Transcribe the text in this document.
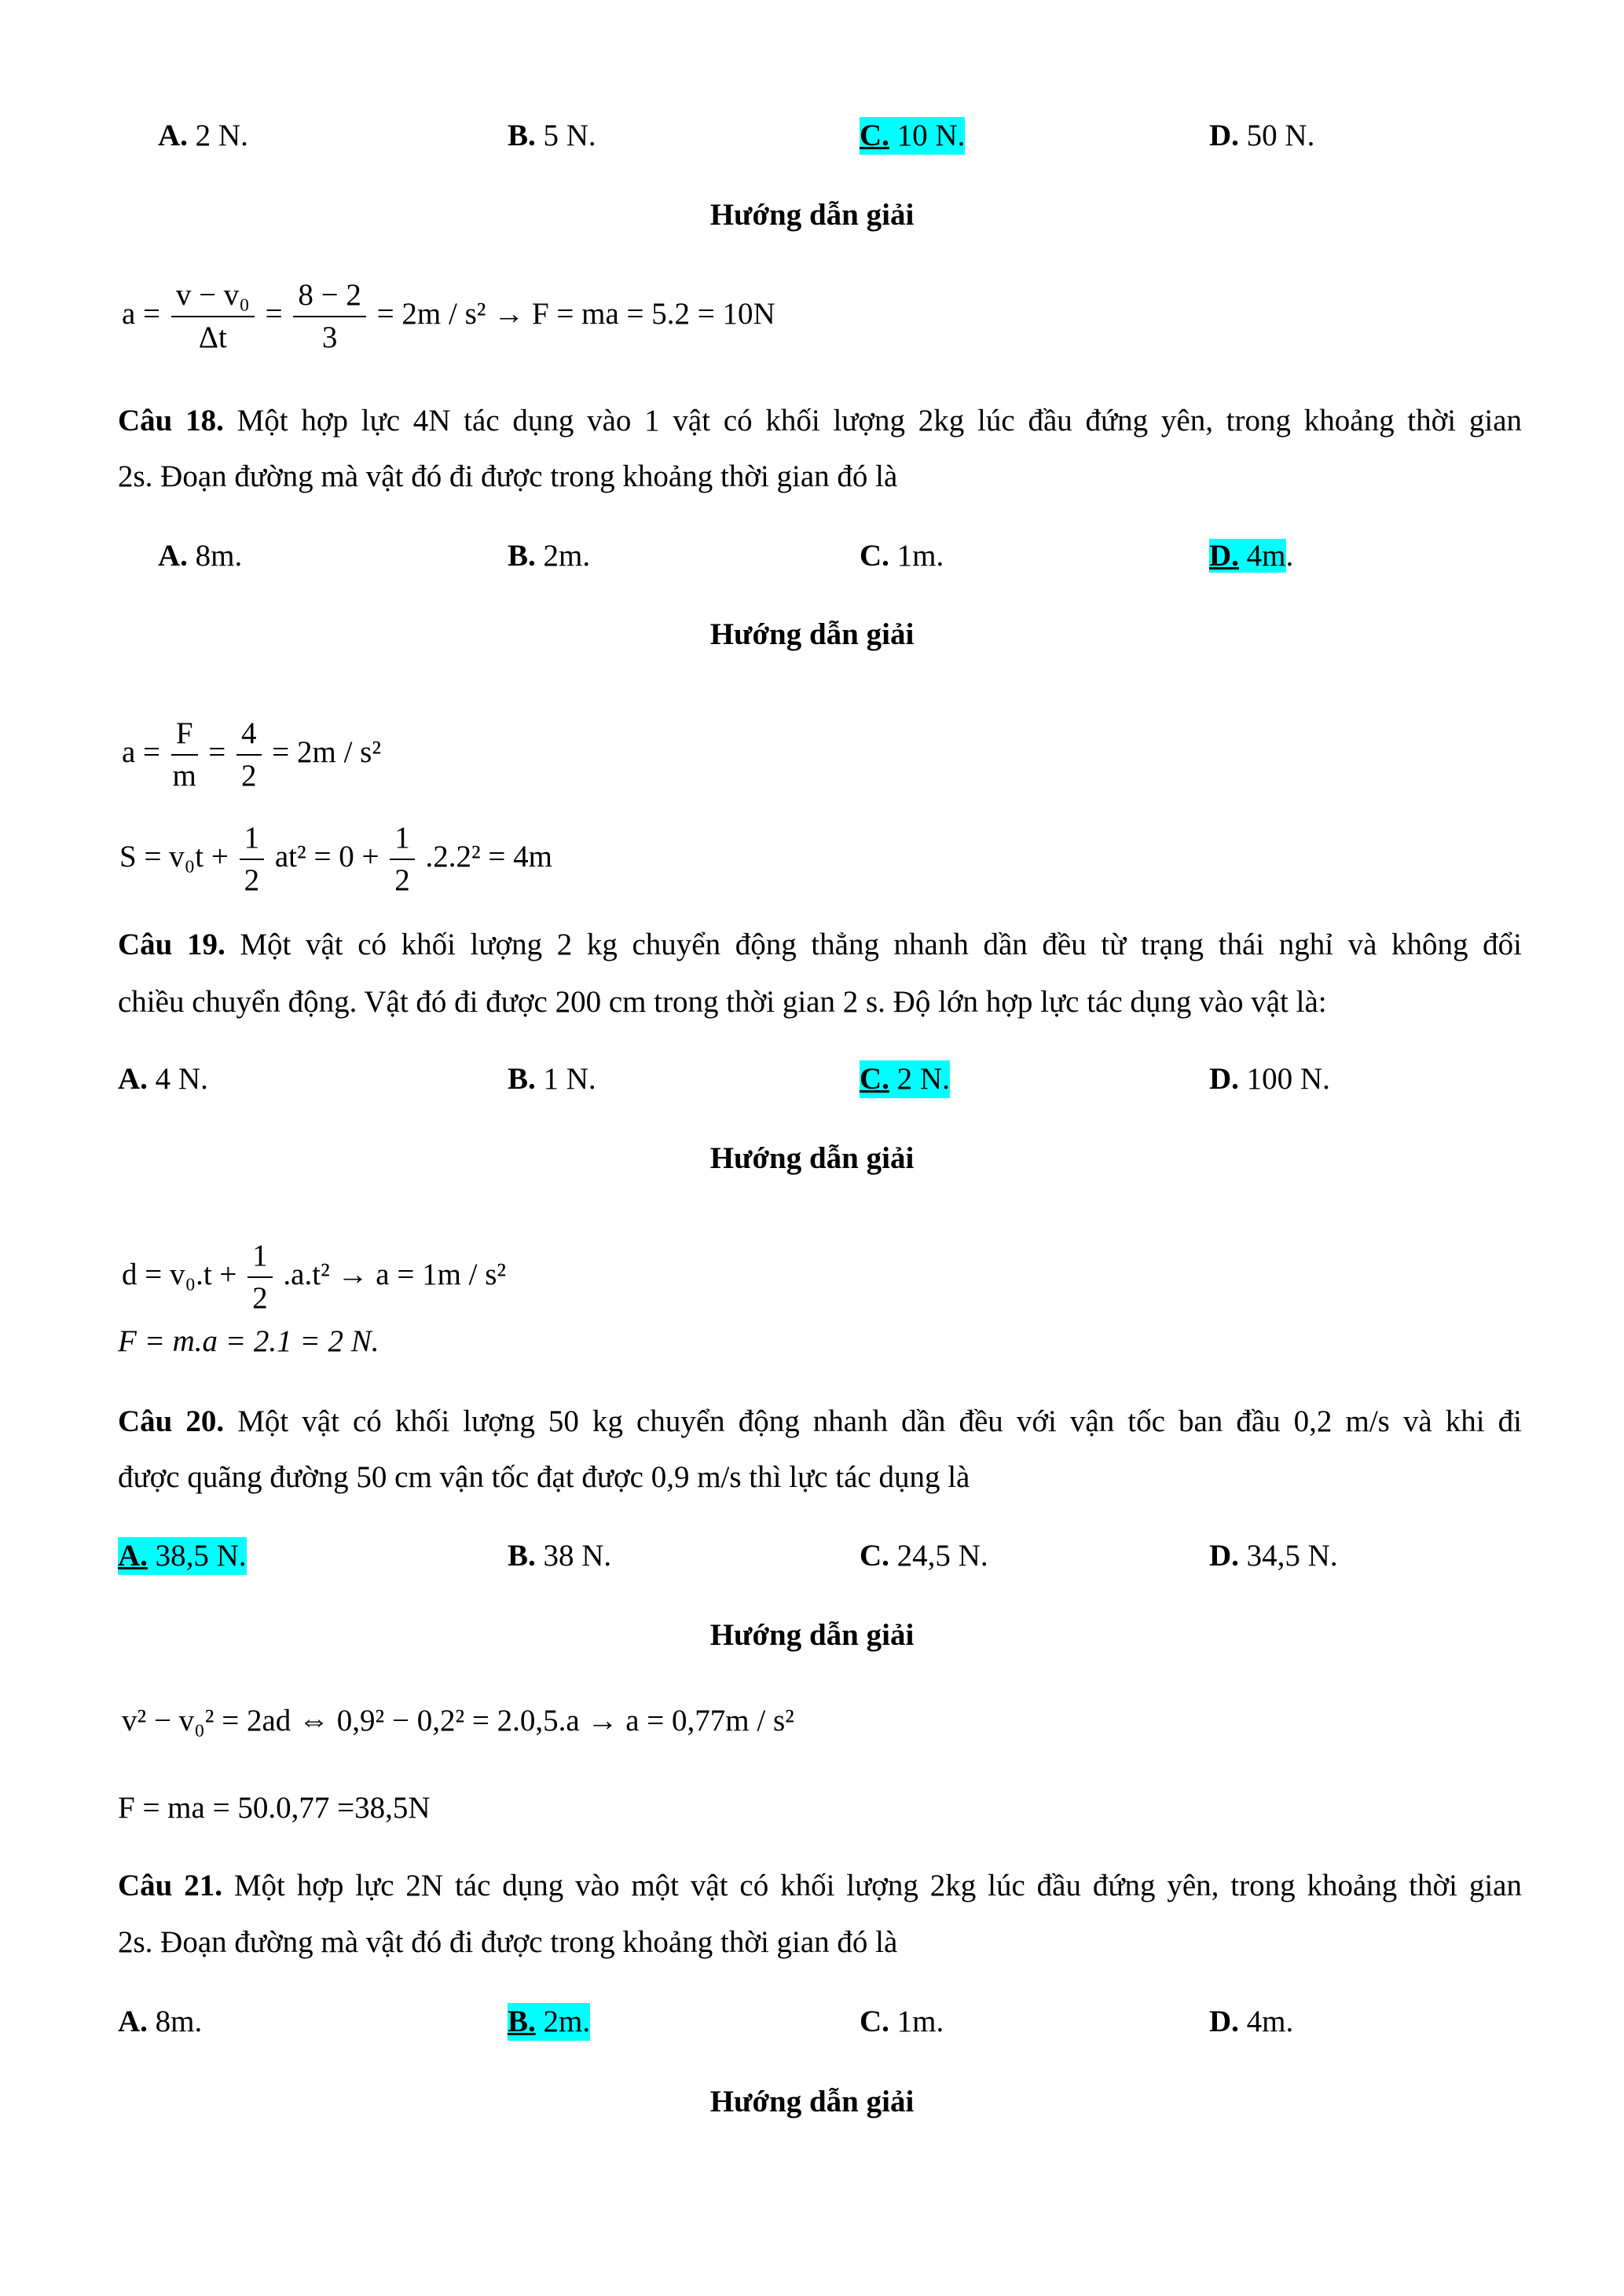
A. 2 N.	B. 5 N.	C. 10 N.	D. 50 N.
Hướng dẫn giải
$a = \frac{\text{v − v₀}}{\Delta t} = \frac{8 - 2}{3} = 2m / s^2 \to F$ = ma = 5.2 = 10N
Câu 18. Một hợp lực 4N tác dụng vào 1 vật có khối lượng 2kg lúc đầu đứng yên, trong khoảng thời gian
2s. Đoạn đường mà vật đó đi được trong khoảng thời gian đó là
A. 8m.	B. 2m.	C. 1m.	D. 4m.
Hướng dẫn giải
$a = \frac{F}{m} = \frac{4}{2} = 2m / s^2$
$S = v_0t + \frac{1}{2} at^2 = 0 + \frac{1}{2} .2.2^2 = 4m$
Câu 19. Một vật có khối lượng 2 kg chuyển động thẳng nhanh dần đều từ trạng thái nghỉ và không đổi
chiều chuyển động. Vật đó đi được 200 cm trong thời gian 2 s. Độ lớn hợp lực tác dụng vào vật là:
A. 4 N.	B. 1 N.	C. 2 N.	D. 100 N.
Hướng dẫn giải
$d = v_0.t + \frac{1}{2} .a.t^2 \to a = 1m / s^2$
F = m.a = 2.1 = 2 N.
Câu 20. Một vật có khối lượng 50 kg chuyển động nhanh dần đều với vận tốc ban đầu 0,2 m/s và khi đi
được quãng đường 50 cm vận tốc đạt được 0,9 m/s thì lực tác dụng là
A. 38,5 N.	B. 38 N.	C. 24,5 N.	D. 34,5 N.
Hướng dẫn giải
v² − v₀² = 2ad ⇔ 0,9² − 0,2² = 2.0,5.a → a = 0,77m / s²
F = ma = 50.0,77 =38,5N
Câu 21. Một hợp lực 2N tác dụng vào một vật có khối lượng 2kg lúc đầu đứng yên, trong khoảng thời gian
2s. Đoạn đường mà vật đó đi được trong khoảng thời gian đó là
A. 8m.	B. 2m.	C. 1m.	D. 4m.
Hướng dẫn giải
